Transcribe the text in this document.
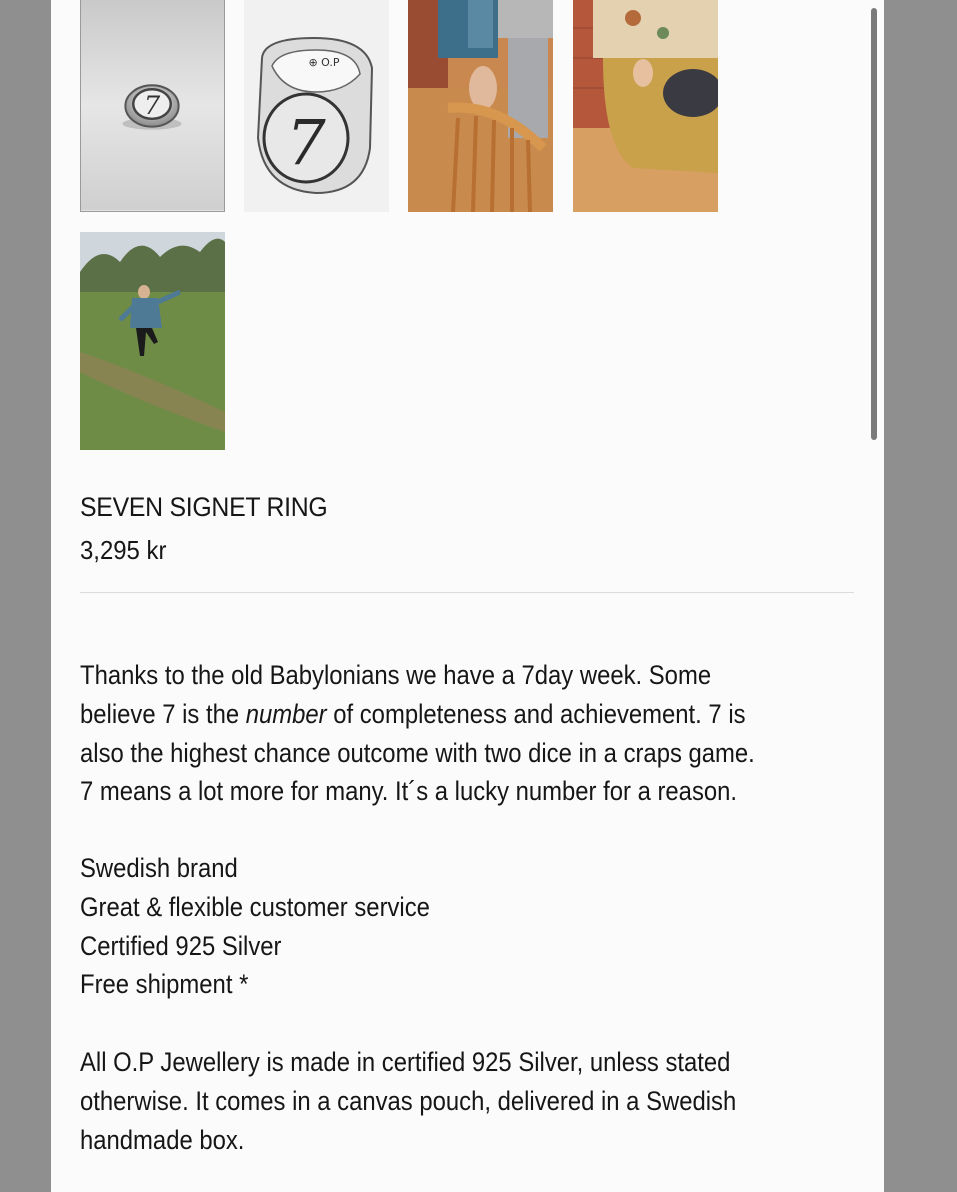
7
7
⊕ O.P
SEVEN SIGNET RING
3,295 kr
Thanks to the old Babylonians we have a 7day week. Some
believe 7 is the number of completeness and achievement. 7 is
also the highest chance outcome with two dice in a craps game.
7 means a lot more for many. It´s a lucky number for a reason.
Swedish brand
Great & flexible customer service
Certified 925 Silver
Free shipment *
All O.P Jewellery is made in certified 925 Silver, unless stated
otherwise. It comes in a canvas pouch, delivered in a Swedish
handmade box.
